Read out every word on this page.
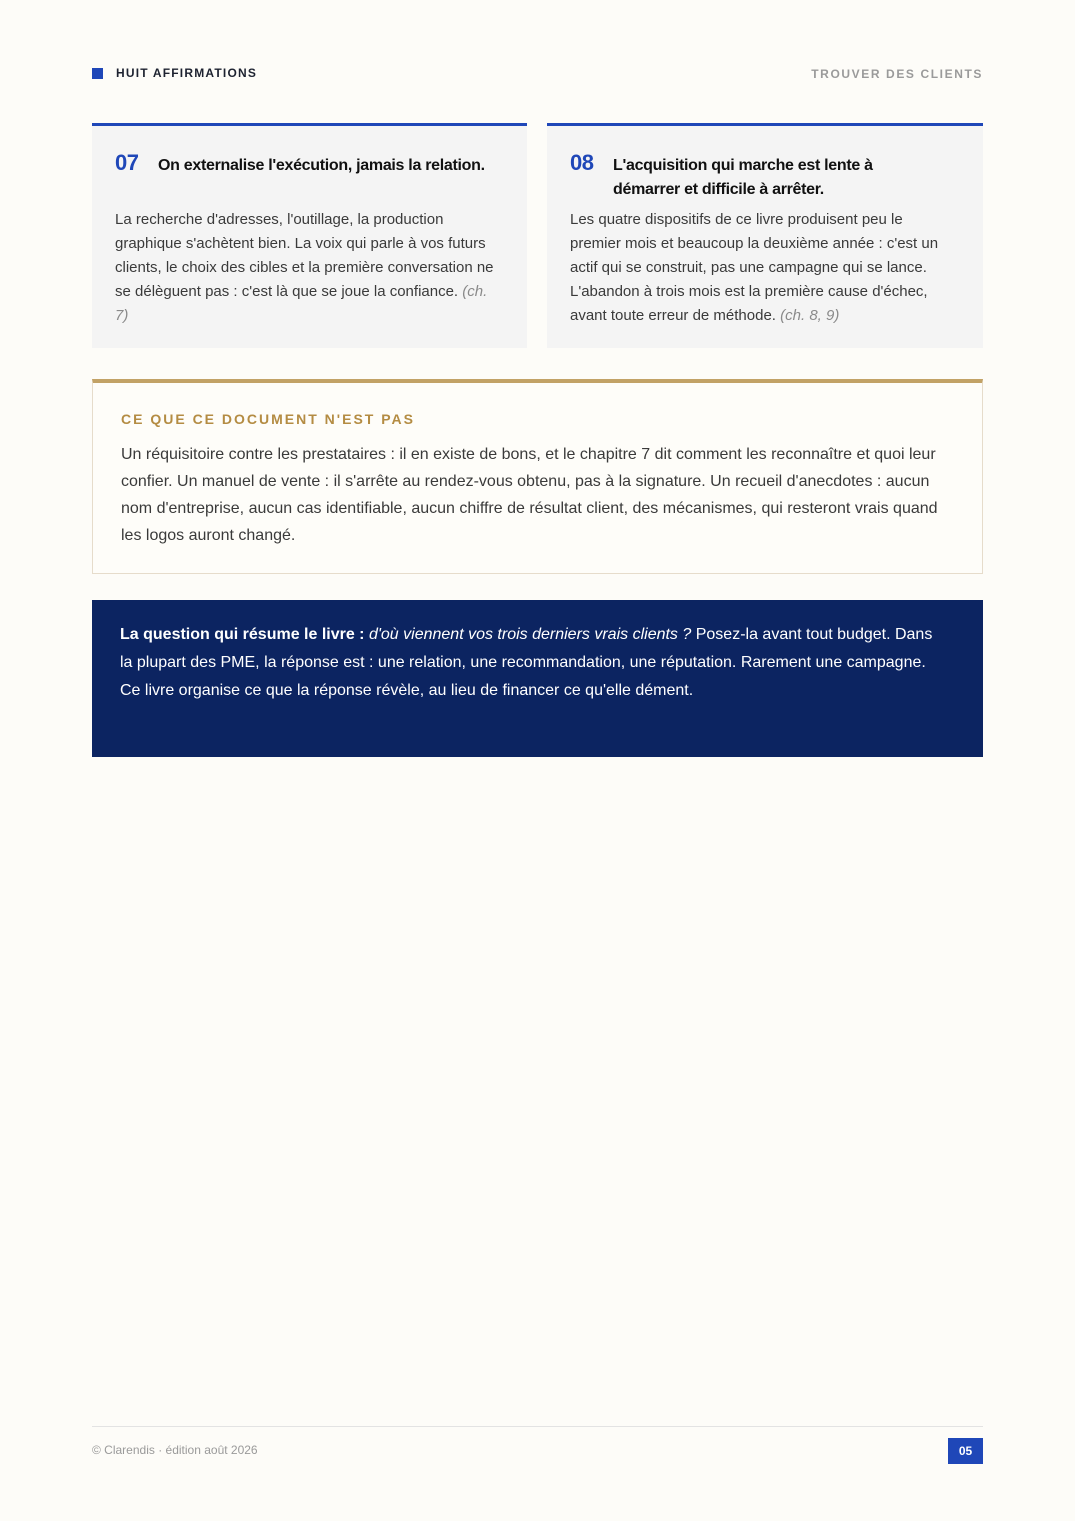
HUIT AFFIRMATIONS	TROUVER DES CLIENTS
07 On externalise l'exécution, jamais la relation.
La recherche d'adresses, l'outillage, la production graphique s'achètent bien. La voix qui parle à vos futurs clients, le choix des cibles et la première conversation ne se délèguent pas : c'est là que se joue la confiance. (ch. 7)
08 L'acquisition qui marche est lente à démarrer et difficile à arrêter.
Les quatre dispositifs de ce livre produisent peu le premier mois et beaucoup la deuxième année : c'est un actif qui se construit, pas une campagne qui se lance. L'abandon à trois mois est la première cause d'échec, avant toute erreur de méthode. (ch. 8, 9)
CE QUE CE DOCUMENT N'EST PAS
Un réquisitoire contre les prestataires : il en existe de bons, et le chapitre 7 dit comment les reconnaître et quoi leur confier. Un manuel de vente : il s'arrête au rendez-vous obtenu, pas à la signature. Un recueil d'anecdotes : aucun nom d'entreprise, aucun cas identifiable, aucun chiffre de résultat client, des mécanismes, qui resteront vrais quand les logos auront changé.
La question qui résume le livre : d'où viennent vos trois derniers vrais clients ? Posez-la avant tout budget. Dans la plupart des PME, la réponse est : une relation, une recommandation, une réputation. Rarement une campagne. Ce livre organise ce que la réponse révèle, au lieu de financer ce qu'elle dément.
© Clarendis · édition août 2026	05
